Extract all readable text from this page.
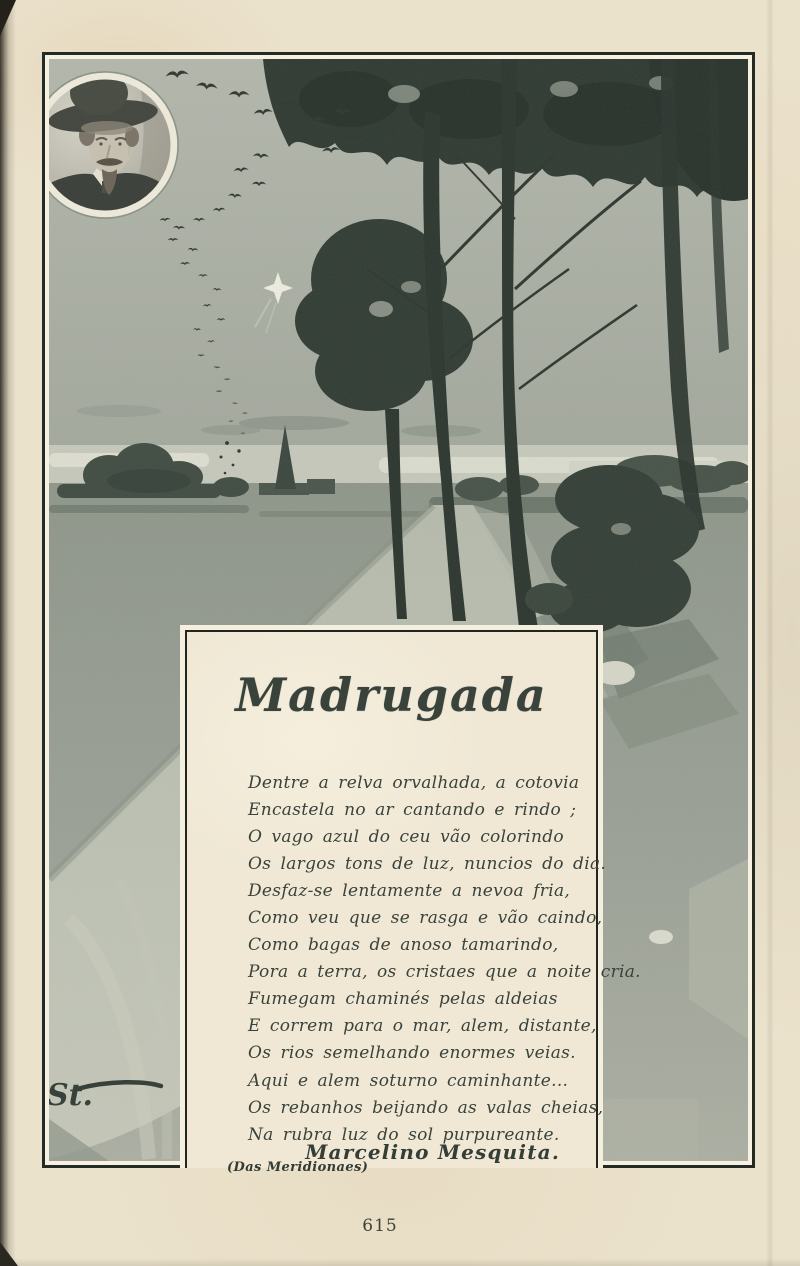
Madrugada
Dentre a relva orvalhada, a cotovia
Encastela no ar cantando e rindo ;
O vago azul do ceu vão colorindo
Os largos tons de luz, nuncios do dia.
Desfaz-se lentamente a nevoa fria,
Como veu que se rasga e vão caindo,
Como bagas de anoso tamarindo,
Pora a terra, os cristaes que a noite cria.
Fumegam chaminés pelas aldeias
E correm para o mar, alem, distante,
Os rios semelhando enormes veias.
Aqui e alem soturno caminhante...
Os rebanhos beijando as valas cheias,
Na rubra luz do sol purpureante.
Marcelino Mesquita.
(Das Meridionaes)
615
